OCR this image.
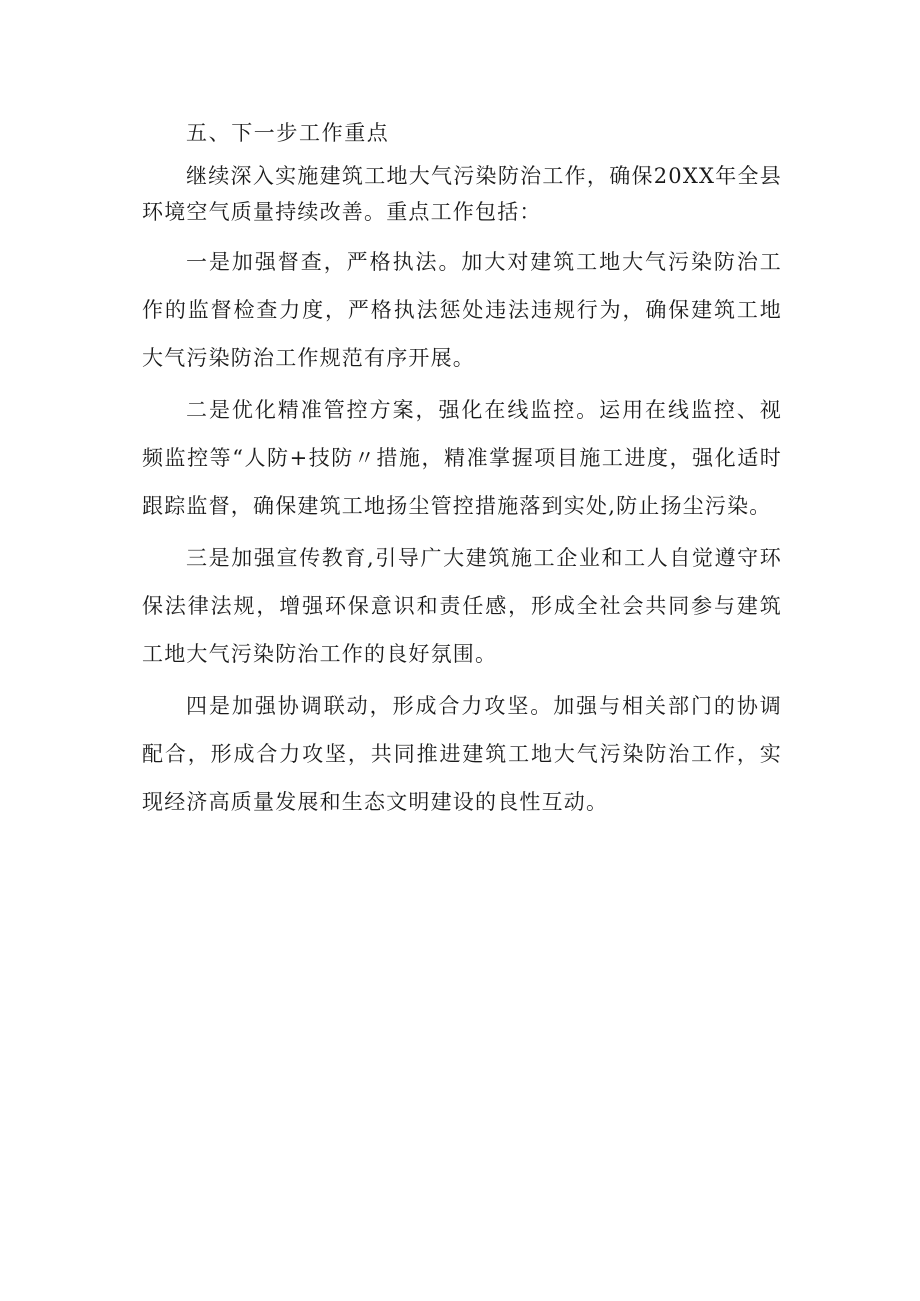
五、下一步工作重点

继续深入实施建筑工地大气污染防治工作，确保20XX年全县环境空气质量持续改善。重点工作包括：

一是加强督查，严格执法。加大对建筑工地大气污染防治工作的监督检查力度，严格执法惩处违法违规行为，确保建筑工地大气污染防治工作规范有序开展。

二是优化精准管控方案，强化在线监控。运用在线监控、视频监控等“人防+技防〃措施，精准掌握项目施工进度，强化适时跟踪监督，确保建筑工地扬尘管控措施落到实处,防止扬尘污染。

三是加强宣传教育,引导广大建筑施工企业和工人自觉遵守环保法律法规，增强环保意识和责任感，形成全社会共同参与建筑工地大气污染防治工作的良好氛围。

四是加强协调联动，形成合力攻坚。加强与相关部门的协调配合，形成合力攻坚，共同推进建筑工地大气污染防治工作，实现经济高质量发展和生态文明建设的良性互动。
